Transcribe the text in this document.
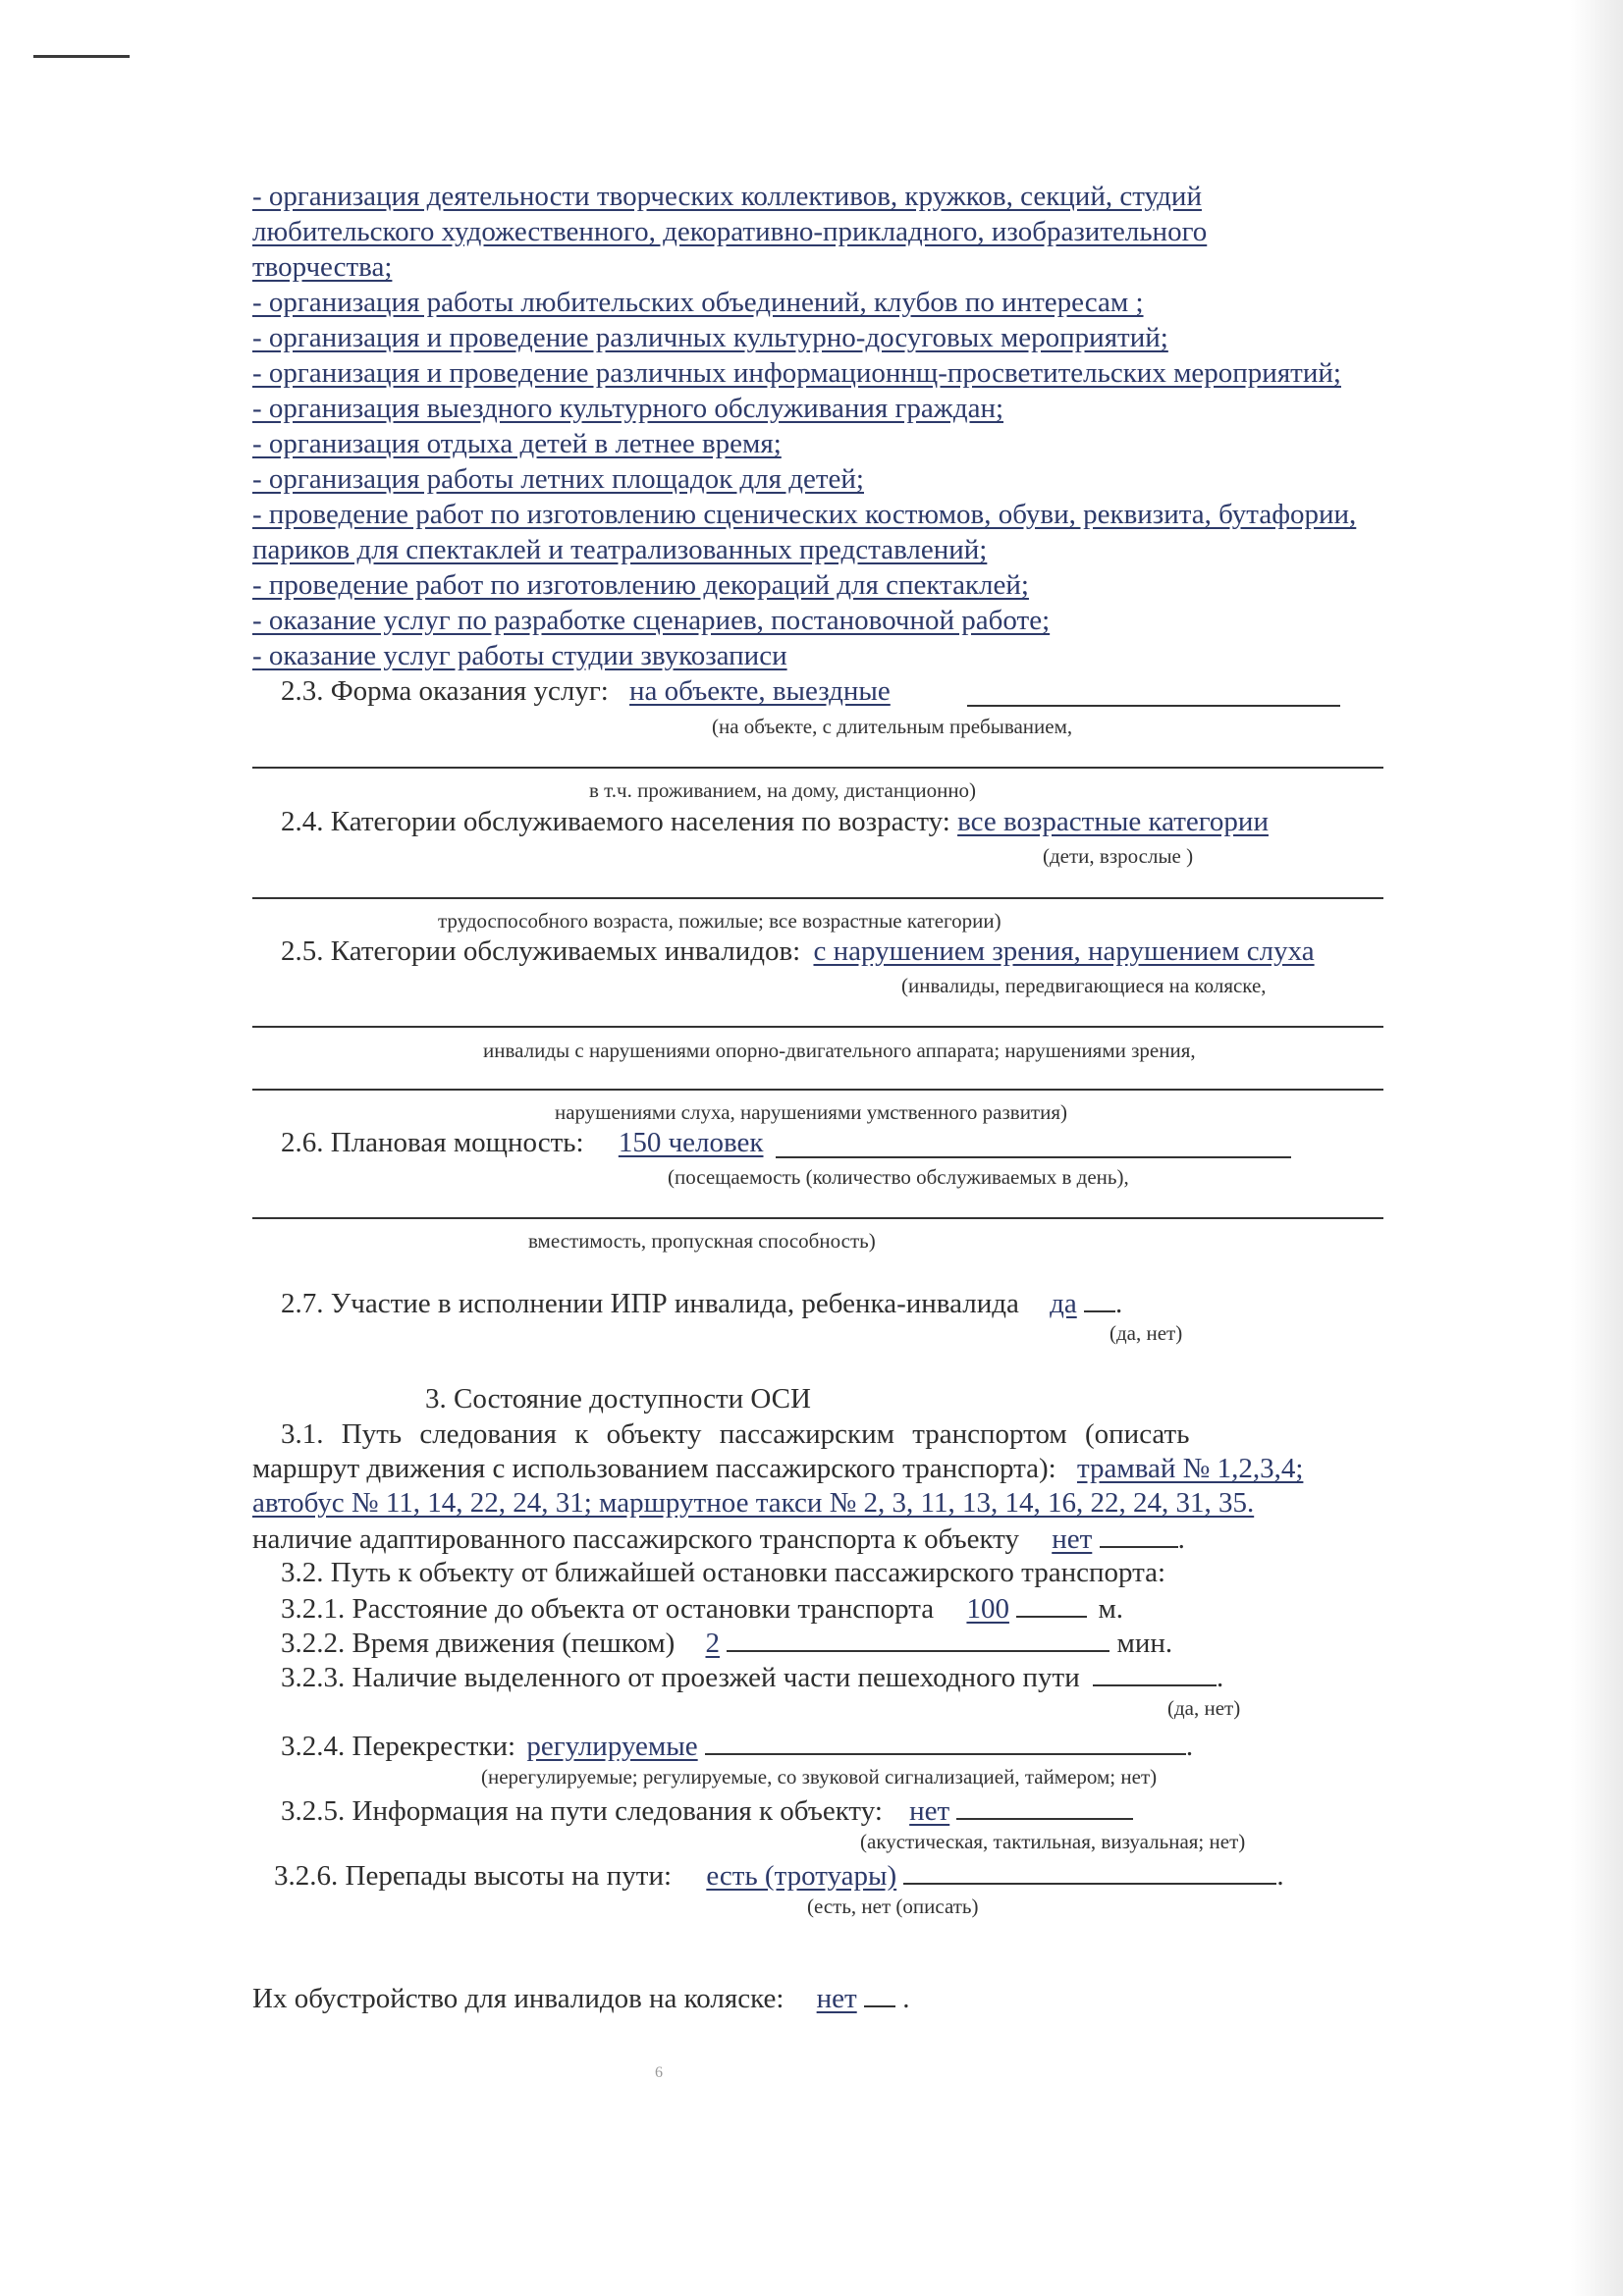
- организация деятельности творческих коллективов, кружков, секций, студий
любительского художественного, декоративно-прикладного, изобразительного
творчества;
- организация работы любительских объединений, клубов по интересам ;
- организация и проведение различных культурно-досуговых мероприятий;
- организация и проведение различных информационнщ-просветительских мероприятий;
- организация выездного культурного обслуживания граждан;
- организация отдыха детей в летнее время;
- организация работы летних площадок для детей;
- проведение работ по изготовлению сценических костюмов, обуви, реквизита, бутафории,
париков для спектаклей и театрализованных представлений;
- проведение работ по изготовлению декораций для спектаклей;
- оказание услуг по разработке сценариев, постановочной работе;
- оказание услуг работы студии звукозаписи
2.3. Форма оказания услуг: на объекте, выездные
(на объекте, с длительным пребыванием,
в т.ч. проживанием, на дому, дистанционно)
2.4. Категории обслуживаемого населения по возрасту: все возрастные категории
(дети, взрослые )
трудоспособного возраста, пожилые; все возрастные категории)
2.5. Категории обслуживаемых инвалидов: с нарушением зрения, нарушением слуха
(инвалиды, передвигающиеся на коляске,
инвалиды с нарушениями опорно-двигательного аппарата; нарушениями зрения,
нарушениями слуха, нарушениями умственного развития)
2.6. Плановая мощность: 150 человек
(посещаемость (количество обслуживаемых в день),
вместимость, пропускная способность)
2.7. Участие в исполнении ИПР инвалида, ребенка-инвалида да .
(да, нет)
3. Состояние доступности ОСИ
3.1. Путь следования к объекту пассажирским транспортом (описать
маршрут движения с использованием пассажирского транспорта): трамвай № 1,2,3,4;
автобус № 11, 14, 22, 24, 31; маршрутное такси № 2, 3, 11, 13, 14, 16, 22, 24, 31, 35.
наличие адаптированного пассажирского транспорта к объекту нет	.
3.2. Путь к объекту от ближайшей остановки пассажирского транспорта:
3.2.1. Расстояние до объекта от остановки транспорта 100	м.
3.2.2. Время движения (пешком) 2	мин.
3.2.3. Наличие выделенного от проезжей части пешеходного пути	.
(да, нет)
3.2.4. Перекрестки: регулируемые	.
(нерегулируемые; регулируемые, со звуковой сигнализацией, таймером; нет)
3.2.5. Информация на пути следования к объекту: нет
(акустическая, тактильная, визуальная; нет)
3.2.6. Перепады высоты на пути: есть (тротуары)	.
(есть, нет (описать)
Их обустройство для инвалидов на коляске: нет  .
6
